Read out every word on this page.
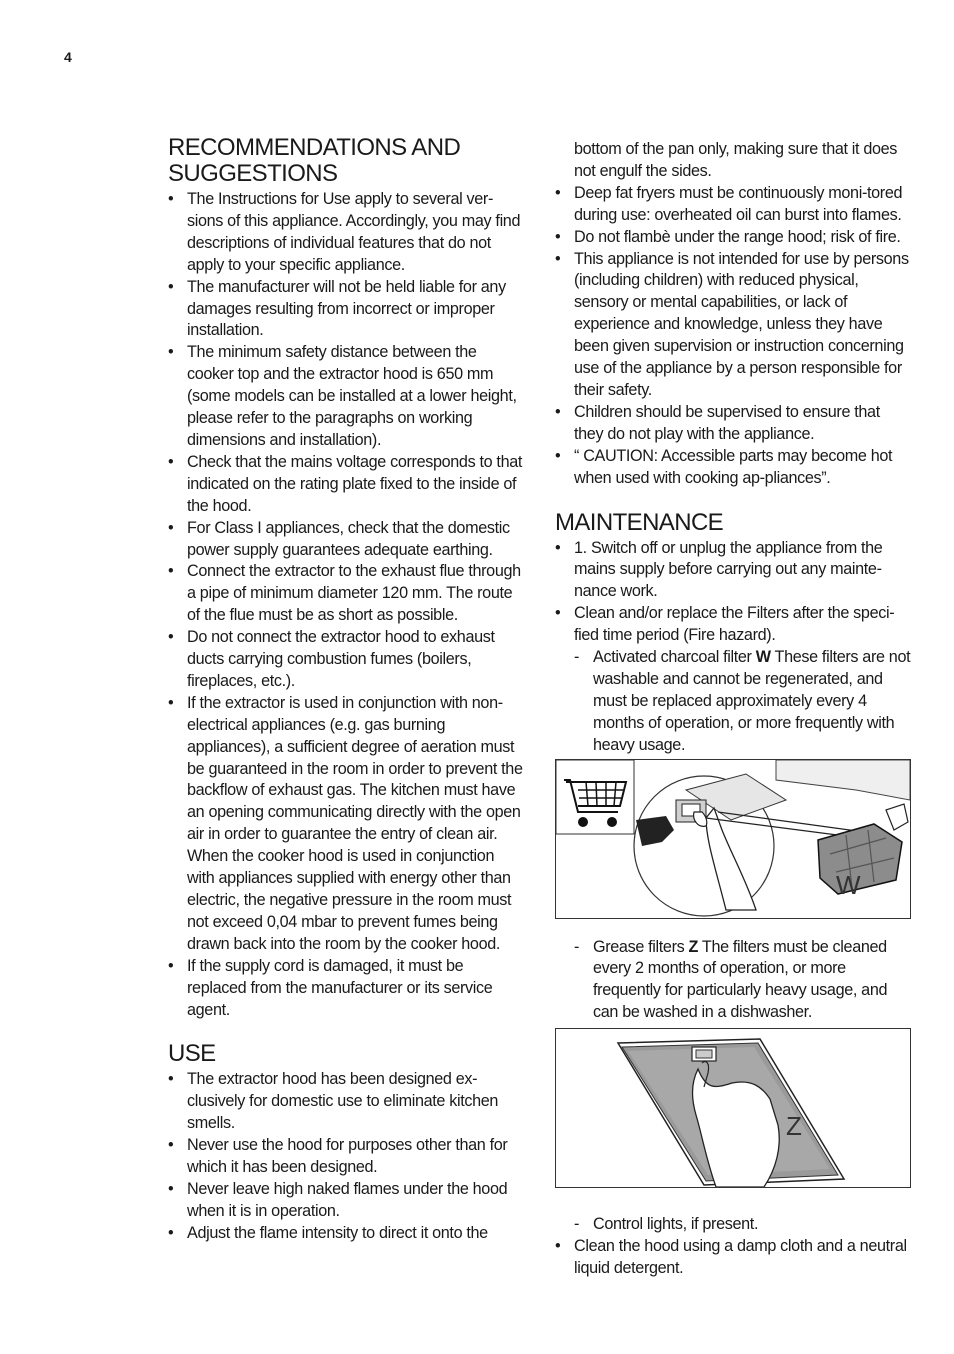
4
RECOMMENDATIONS AND
SUGGESTIONS
• The Instructions for Use apply to several ver-sions of this appliance. Accordingly, you may find descriptions of individual features that do not apply to your specific appliance.
• The manufacturer will not be held liable for any damages resulting from incorrect or improper installation.
• The minimum safety distance between the cooker top and the extractor hood is 650 mm (some models can be installed at a lower height, please refer to the paragraphs on working dimensions and installation).
• Check that the mains voltage corresponds to that indicated on the rating plate fixed to the inside of the hood.
• For Class I appliances, check that the domestic power supply guarantees adequate earthing.
• Connect the extractor to the exhaust flue through a pipe of minimum diameter 120 mm. The route of the flue must be as short as possible.
• Do not connect the extractor hood to exhaust ducts carrying combustion fumes (boilers, fireplaces, etc.).
• If the extractor is used in conjunction with non-electrical appliances (e.g. gas burning appliances), a sufficient degree of aeration must be guaranteed in the room in order to prevent the backflow of exhaust gas. The kitchen must have an opening communicating directly with the open air in order to guarantee the entry of clean air. When the cooker hood is used in conjunction with appliances supplied with energy other than electric, the negative pressure in the room must not exceed 0,04 mbar to prevent fumes being drawn back into the room by the cooker hood.
• If the supply cord is damaged, it must be replaced from the manufacturer or its service agent.
USE
• The extractor hood has been designed ex-clusively for domestic use to eliminate kitchen smells.
• Never use the hood for purposes other than for which it has been designed.
• Never leave high naked flames under the hood when it is in operation.
• Adjust the flame intensity to direct it onto the
bottom of the pan only, making sure that it does not engulf the sides.
• Deep fat fryers must be continuously moni-tored during use: overheated oil can burst into flames.
• Do not flambè under the range hood; risk of fire.
• This appliance is not intended for use by persons (including children) with reduced physical, sensory or mental capabilities, or lack of experience and knowledge, unless they have been given supervision or instruction concerning use of the appliance by a person responsible for their safety.
• Children should be supervised to ensure that they do not play with the appliance.
• “ CAUTION: Accessible parts may become hot when used with cooking ap-pliances”.
MAINTENANCE
• 1. Switch off or unplug the appliance from the mains supply before carrying out any mainte-nance work.
• Clean and/or replace the Filters after the speci-fied time period (Fire hazard).
- Activated charcoal filter W These filters are not washable and cannot be regenerated, and must be replaced approximately every 4 months of operation, or more frequently with heavy usage.
W
- Grease filters Z The filters must be cleaned every 2 months of operation, or more frequently for particularly heavy usage, and can be washed in a dishwasher.
Z
- Control lights, if present.
• Clean the hood using a damp cloth and a neutral liquid detergent.
